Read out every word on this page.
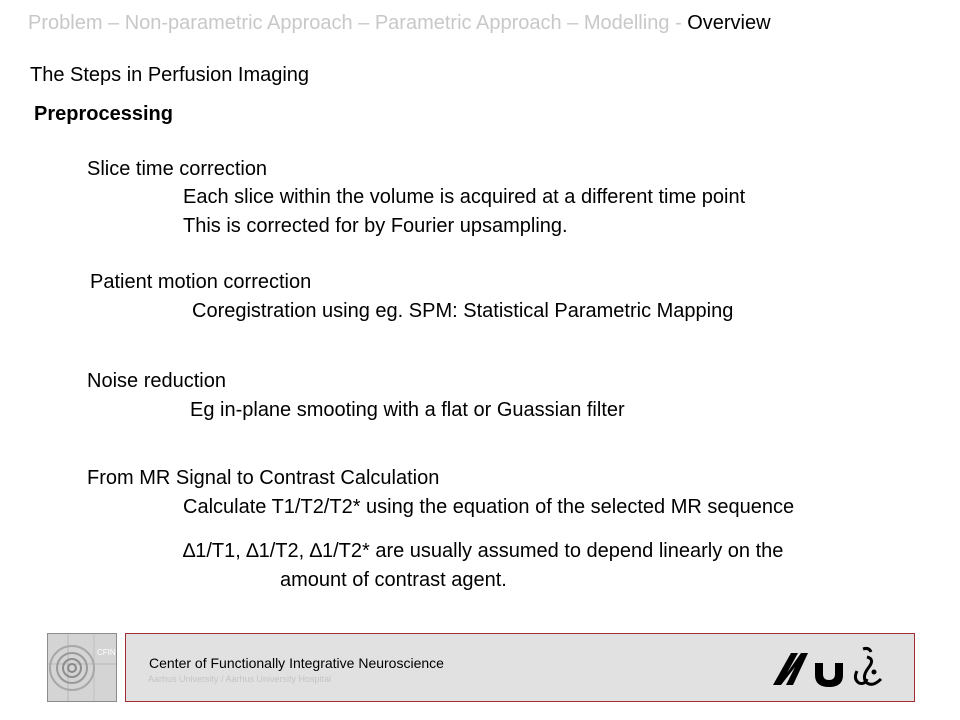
Problem – Non-parametric Approach – Parametric Approach – Modelling - Overview
The Steps in Perfusion Imaging
Preprocessing
Slice time correction
Each slice within the volume is acquired at a different time point
This is corrected for by Fourier upsampling.
Patient motion correction
Coregistration using eg. SPM: Statistical Parametric Mapping
Noise reduction
Eg in-plane smooting with a flat or Guassian filter
From MR Signal to Contrast Calculation
Calculate T1/T2/T2* using the equation of the selected MR sequence
∆1/T1, ∆1/T2, ∆1/T2* are usually assumed to depend linearly on the
amount of contrast agent.
CFIN
Center of Functionally Integrative Neuroscience
Aarhus University / Aarhus University Hospital
